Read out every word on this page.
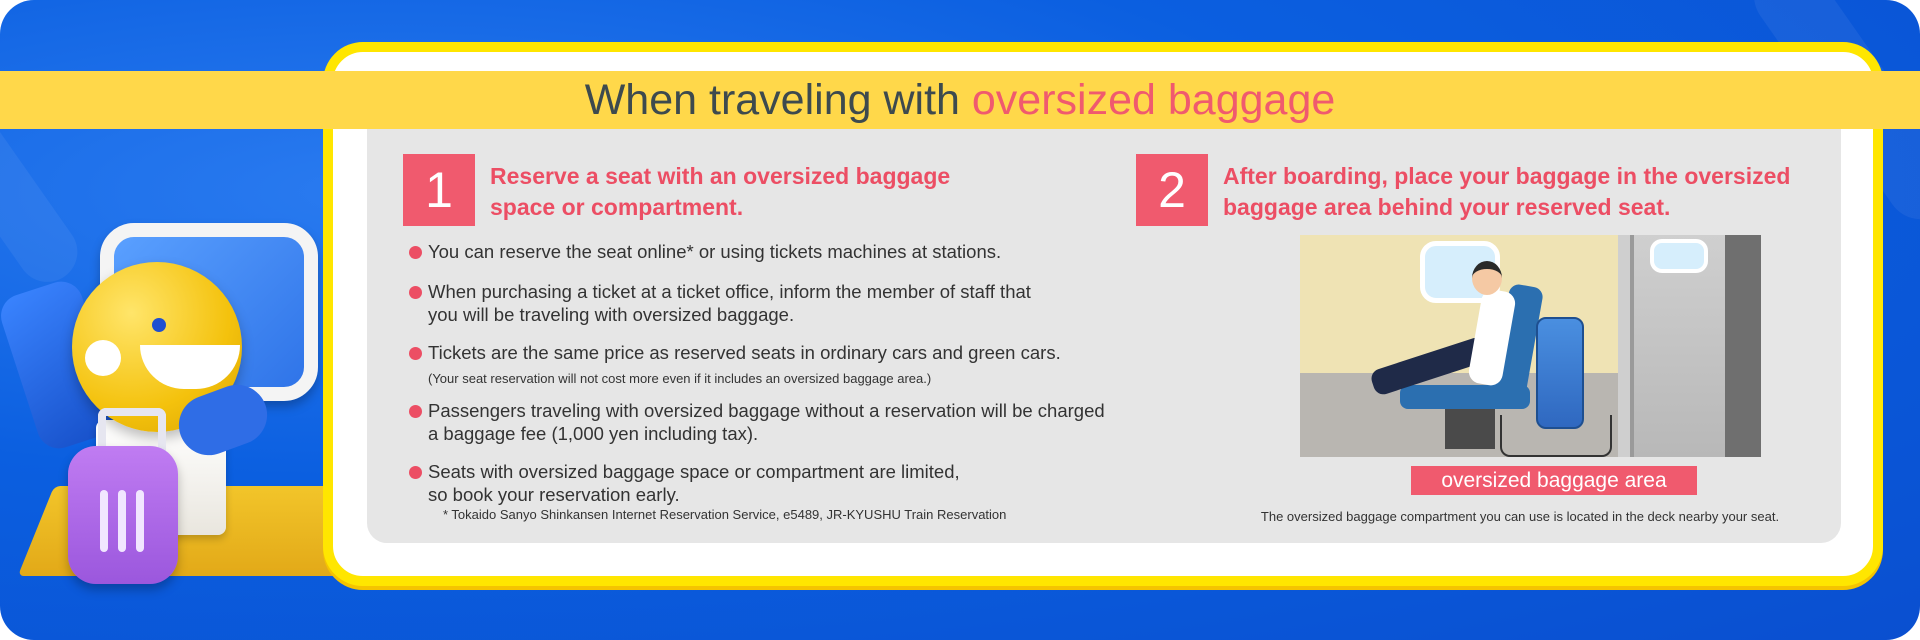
When traveling with oversized baggage
1	Reserve a seat with an oversized baggage
space or compartment.
You can reserve the seat online* or using tickets machines at stations.
When purchasing a ticket at a ticket office, inform the member of staff that
you will be traveling with oversized baggage.
Tickets are the same price as reserved seats in ordinary cars and green cars.
(Your seat reservation will not cost more even if it includes an oversized baggage area.)
Passengers traveling with oversized baggage without a reservation will be charged
a baggage fee (1,000 yen including tax).
Seats with oversized baggage space or compartment are limited,
so book your reservation early.
* Tokaido Sanyo Shinkansen Internet Reservation Service, e5489, JR-KYUSHU Train Reservation
2	After boarding, place your baggage in the oversized
baggage area behind your reserved seat.
oversized baggage area
The oversized baggage compartment you can use is located in the deck nearby your seat.
